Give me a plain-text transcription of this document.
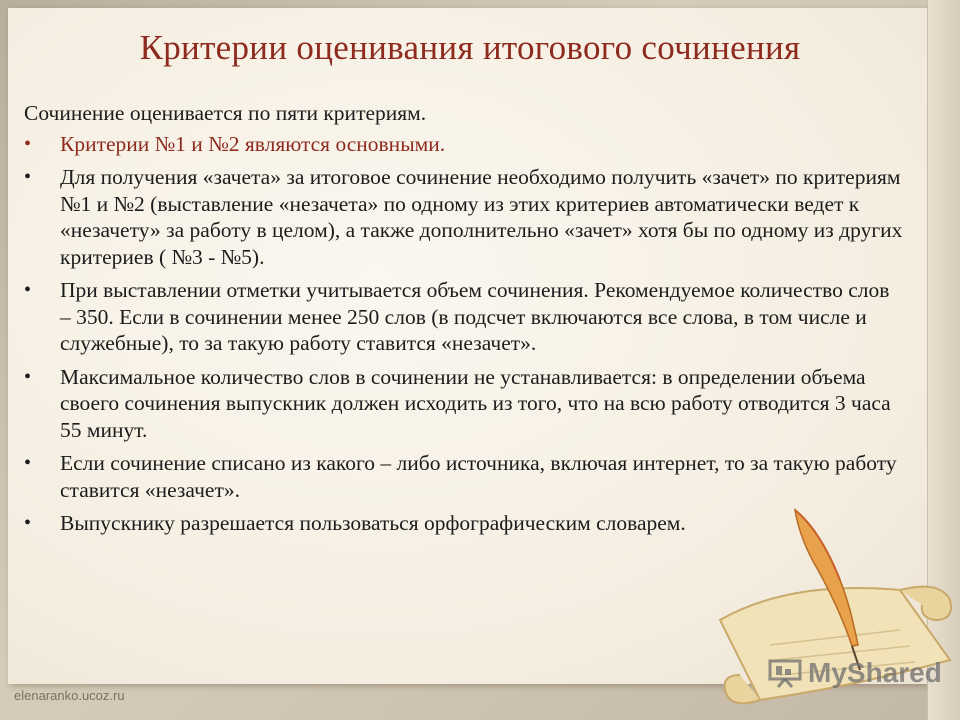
Критерии оценивания итогового сочинения

Сочинение оценивается по пяти критериям.

• Критерии №1 и №2 являются основными.
• Для получения «зачета» за итоговое сочинение необходимо получить «зачет» по критериям №1 и №2 (выставление «незачета» по одному из этих критериев автоматически ведет к «незачету» за работу в целом), а также дополнительно «зачет» хотя бы по одному из других критериев ( №3 - №5).
• При выставлении отметки учитывается объем сочинения. Рекомендуемое количество слов – 350. Если в сочинении менее 250 слов (в подсчет включаются все слова, в том числе и служебные), то за такую работу ставится «незачет».
• Максимальное количество слов в сочинении не устанавливается: в определении объема своего сочинения выпускник должен исходить из того, что на всю работу отводится 3 часа 55 минут.
• Если сочинение списано из какого – либо источника, включая интернет, то за такую работу ставится «незачет».
• Выпускнику разрешается пользоваться орфографическим словарем.
elenaranko.ucoz.ru
MyShared
